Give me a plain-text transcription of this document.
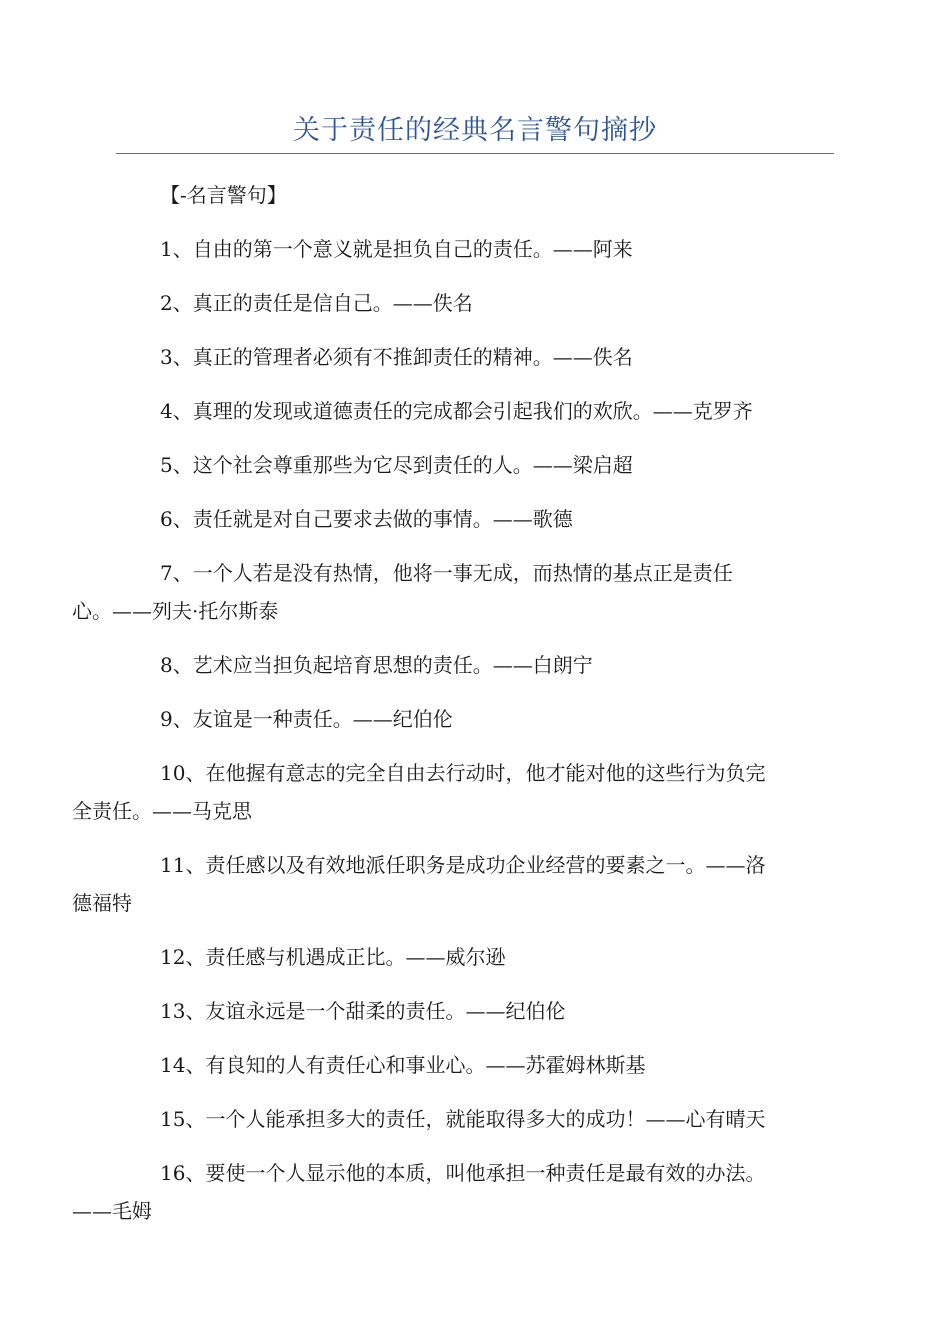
关于责任的经典名言警句摘抄

【-名言警句】

1、自由的第一个意义就是担负自己的责任。——阿来

2、真正的责任是信自己。——佚名

3、真正的管理者必须有不推卸责任的精神。——佚名

4、真理的发现或道德责任的完成都会引起我们的欢欣。——克罗齐

5、这个社会尊重那些为它尽到责任的人。——梁启超

6、责任就是对自己要求去做的事情。——歌德

7、一个人若是没有热情，他将一事无成，而热情的基点正是责任
心。——列夫·托尔斯泰

8、艺术应当担负起培育思想的责任。——白朗宁

9、友谊是一种责任。——纪伯伦

10、在他握有意志的完全自由去行动时，他才能对他的这些行为负完
全责任。——马克思

11、责任感以及有效地派任职务是成功企业经营的要素之一。——洛
德福特

12、责任感与机遇成正比。——威尔逊

13、友谊永远是一个甜柔的责任。——纪伯伦

14、有良知的人有责任心和事业心。——苏霍姆林斯基

15、一个人能承担多大的责任，就能取得多大的成功！——心有晴天

16、要使一个人显示他的本质，叫他承担一种责任是最有效的办法。
——毛姆
